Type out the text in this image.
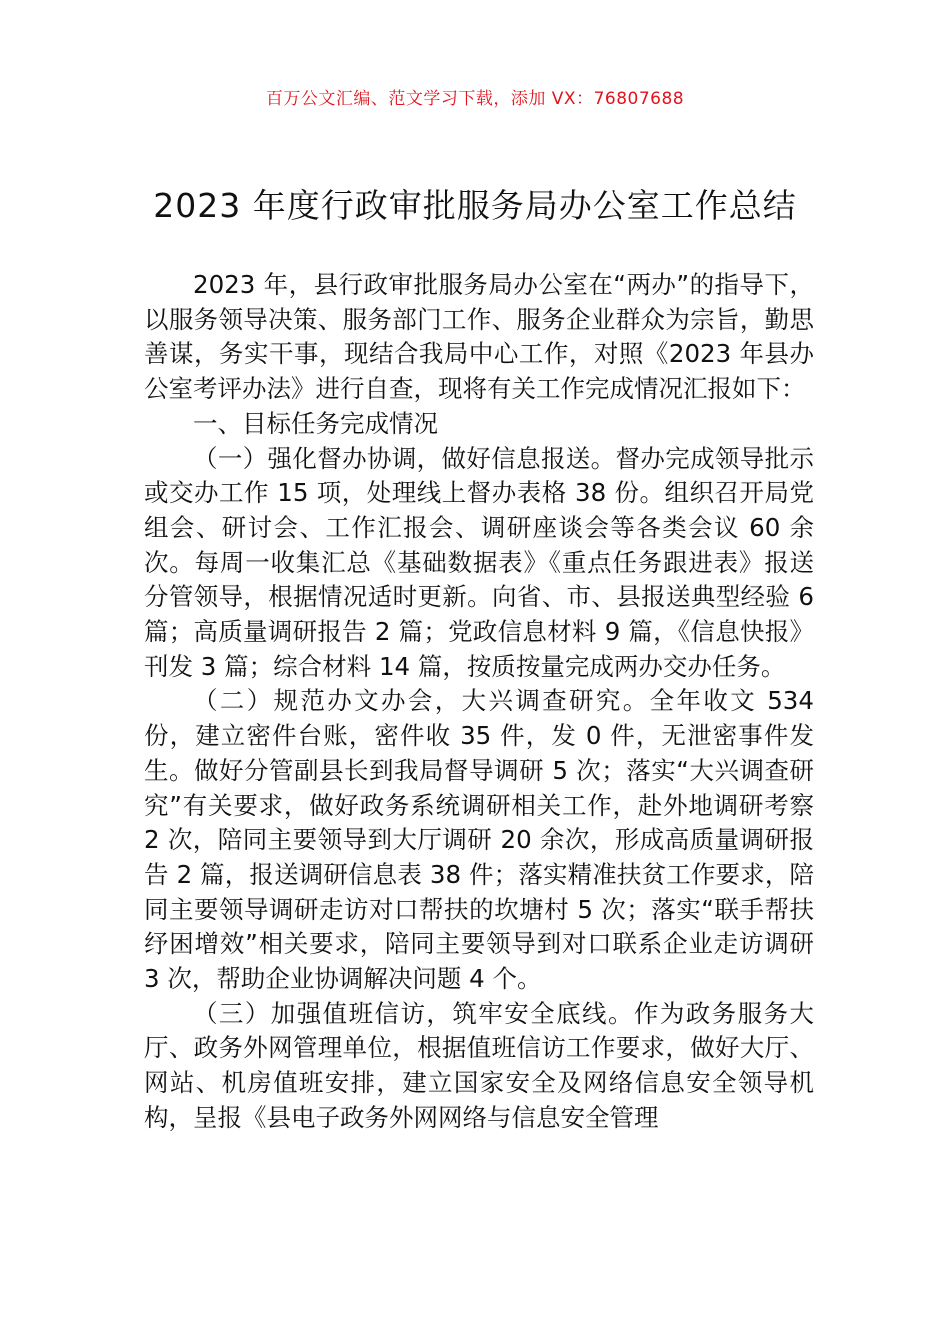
百万公文汇编、范文学习下载，添加 VX：76807688
2023 年度行政审批服务局办公室工作总结

2023 年，县行政审批服务局办公室在“两办”的指导下，以服务领导决策、服务部门工作、服务企业群众为宗旨，勤思善谋，务实干事，现结合我局中心工作，对照《2023 年县办公室考评办法》进行自查，现将有关工作完成情况汇报如下：

一、目标任务完成情况

（一）强化督办协调，做好信息报送。督办完成领导批示或交办工作 15 项，处理线上督办表格 38 份。组织召开局党组会、研讨会、工作汇报会、调研座谈会等各类会议 60 余次。每周一收集汇总《基础数据表》《重点任务跟进表》报送分管领导，根据情况适时更新。向省、市、县报送典型经验 6 篇；高质量调研报告 2 篇；党政信息材料 9 篇，《信息快报》刊发 3 篇；综合材料 14 篇，按质按量完成两办交办任务。

（二）规范办文办会，大兴调查研究。全年收文 534 份，建立密件台账，密件收 35 件，发 0 件，无泄密事件发生。做好分管副县长到我局督导调研 5 次；落实“大兴调查研究”有关要求，做好政务系统调研相关工作，赴外地调研考察 2 次，陪同主要领导到大厅调研 20 余次，形成高质量调研报告 2 篇，报送调研信息表 38 件；落实精准扶贫工作要求，陪同主要领导调研走访对口帮扶的坎塘村 5 次；落实“联手帮扶纾困增效”相关要求，陪同主要领导到对口联系企业走访调研 3 次，帮助企业协调解决问题 4 个。

（三）加强值班信访，筑牢安全底线。作为政务服务大厅、政务外网管理单位，根据值班信访工作要求，做好大厅、网站、机房值班安排，建立国家安全及网络信息安全领导机构，呈报《县电子政务外网网络与信息安全管理
